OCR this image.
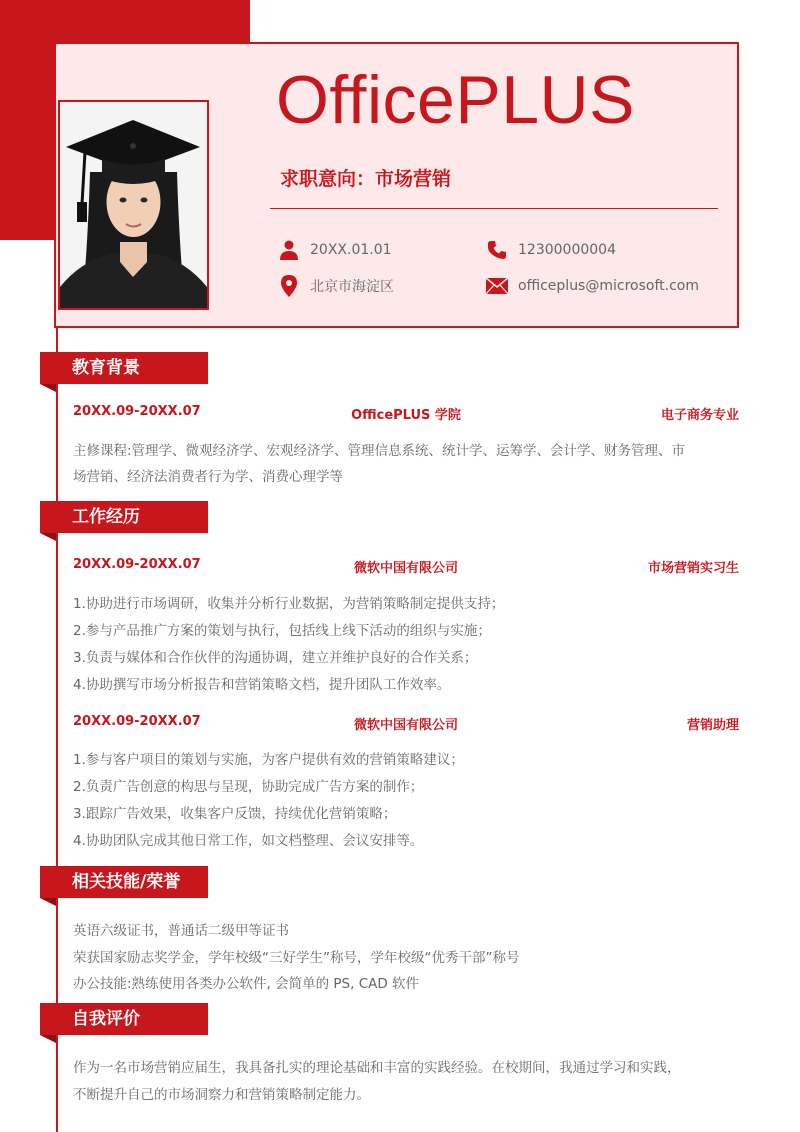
OfficePLUS
求职意向：市场营销
20XX.01.01	12300000004
北京市海淀区	officeplus@microsoft.com
教育背景
20XX.09-20XX.07	OfficePLUS 学院	电子商务专业
主修课程:管理学、微观经济学、宏观经济学、管理信息系统、统计学、运筹学、会计学、财务管理、市
场营销、经济法消费者行为学、消费心理学等
工作经历
20XX.09-20XX.07	微软中国有限公司	市场营销实习生
1.协助进行市场调研，收集并分析行业数据，为营销策略制定提供支持；
2.参与产品推广方案的策划与执行，包括线上线下活动的组织与实施；
3.负责与媒体和合作伙伴的沟通协调，建立并维护良好的合作关系；
4.协助撰写市场分析报告和营销策略文档，提升团队工作效率。
20XX.09-20XX.07	微软中国有限公司	营销助理
1.参与客户项目的策划与实施，为客户提供有效的营销策略建议；
2.负责广告创意的构思与呈现，协助完成广告方案的制作；
3.跟踪广告效果，收集客户反馈，持续优化营销策略；
4.协助团队完成其他日常工作，如文档整理、会议安排等。
相关技能/荣誉
英语六级证书，普通话二级甲等证书
荣获国家励志奖学金，学年校级“三好学生”称号，学年校级“优秀干部”称号
办公技能:熟练使用各类办公软件, 会简单的 PS, CAD 软件
自我评价
作为一名市场营销应届生，我具备扎实的理论基础和丰富的实践经验。在校期间，我通过学习和实践，
不断提升自己的市场洞察力和营销策略制定能力。
